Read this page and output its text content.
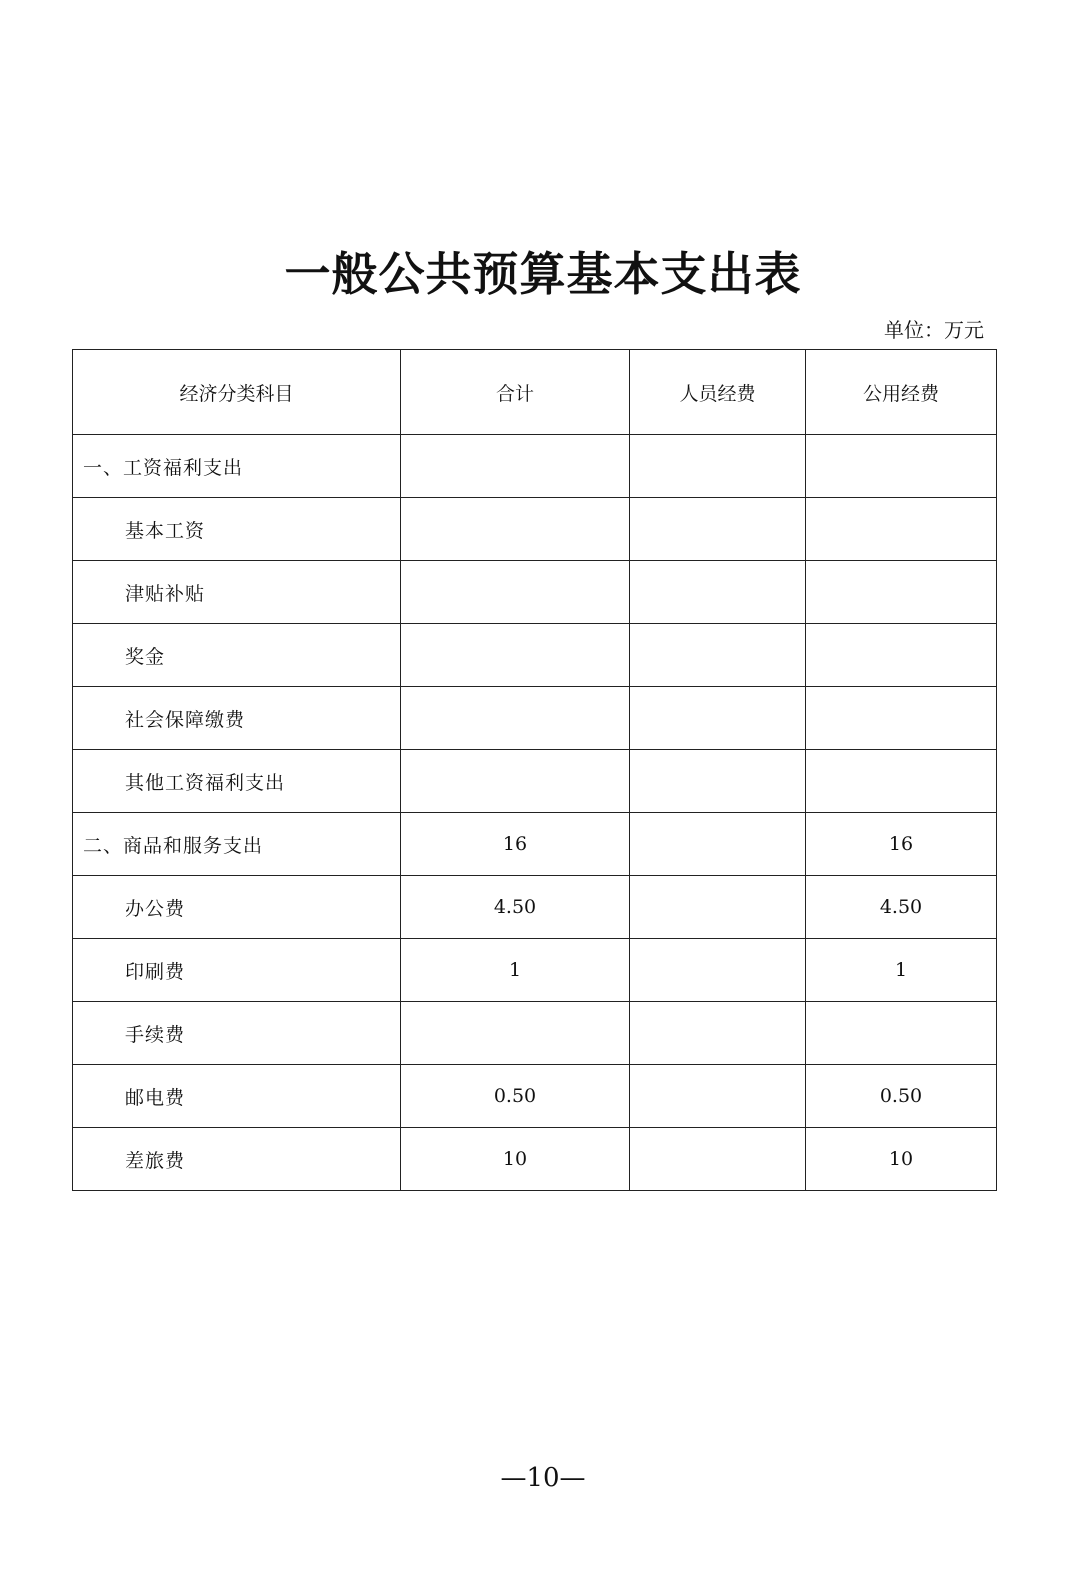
一般公共预算基本支出表
单位：万元
经济分类科目	合计	人员经费	公用经费
一、工资福利支出			
基本工资			
津贴补贴			
奖金			
社会保障缴费			
其他工资福利支出			
二、商品和服务支出	16		16
办公费	4.50		4.50
印刷费	1		1
手续费			
邮电费	0.50		0.50
差旅费	10		10
—10—
